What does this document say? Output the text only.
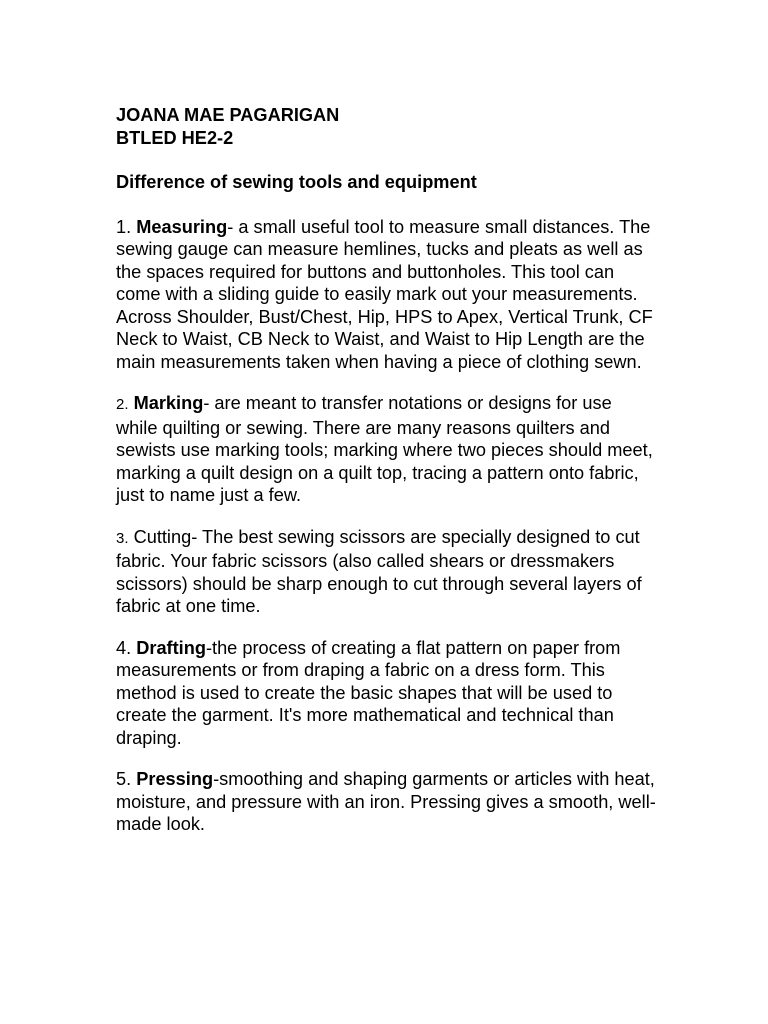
JOANA MAE PAGARIGAN

BTLED HE2-2

Difference of sewing tools and equipment

1. Measuring- a small useful tool to measure small distances. The sewing gauge can measure hemlines, tucks and pleats as well as the spaces required for buttons and buttonholes. This tool can come with a sliding guide to easily mark out your measurements.

Across Shoulder, Bust/Chest, Hip, HPS to Apex, Vertical Trunk, CF Neck to Waist, CB Neck to Waist, and Waist to Hip Length are the main measurements taken when having a piece of clothing sewn.

2. Marking- are meant to transfer notations or designs for use while quilting or sewing. There are many reasons quilters and sewists use marking tools; marking where two pieces should meet, marking a quilt design on a quilt top, tracing a pattern onto fabric, just to name just a few.

3. Cutting- The best sewing scissors are specially designed to cut fabric. Your fabric scissors (also called shears or dressmakers scissors) should be sharp enough to cut through several layers of fabric at one time.

4. Drafting-the process of creating a flat pattern on paper from measurements or from draping a fabric on a dress form. This method is used to create the basic shapes that will be used to create the garment. It's more mathematical and technical than draping.

5. Pressing-smoothing and shaping garments or articles with heat, moisture, and pressure with an iron. Pressing gives a smooth, well-made look.
